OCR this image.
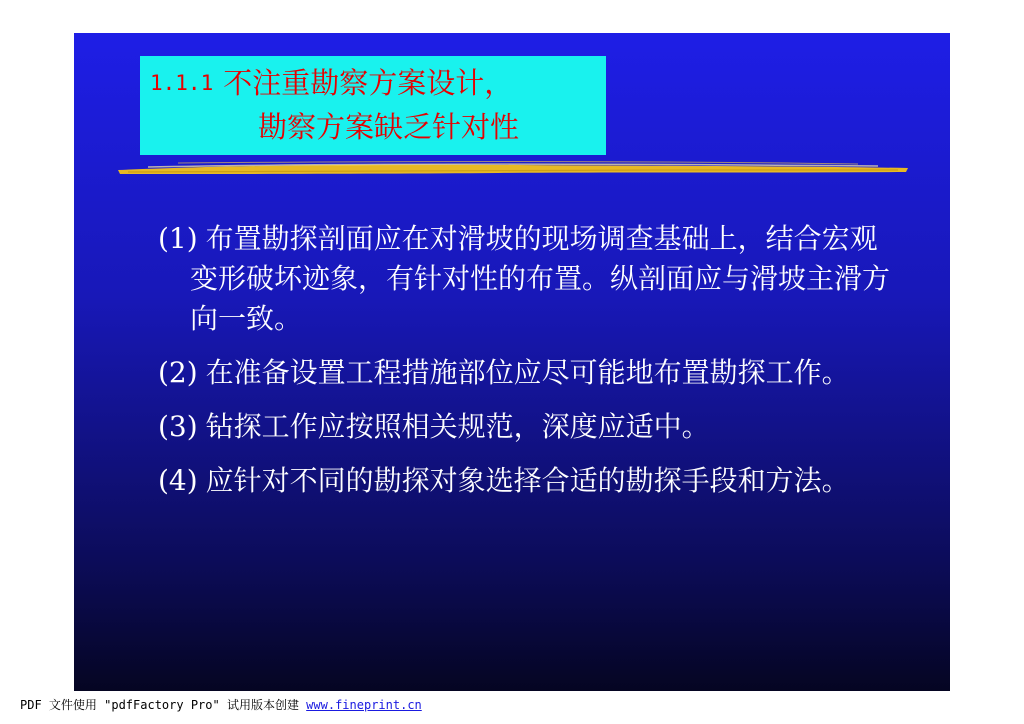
1.1.1 不注重勘察方案设计，
勘察方案缺乏针对性
(1) 布置勘探剖面应在对滑坡的现场调查基础上，结合宏观变形破坏迹象，有针对性的布置。纵剖面应与滑坡主滑方向一致。
(2) 在准备设置工程措施部位应尽可能地布置勘探工作。
(3) 钻探工作应按照相关规范，深度应适中。
(4) 应针对不同的勘探对象选择合适的勘探手段和方法。
PDF 文件使用 "pdfFactory Pro" 试用版本创建 www.fineprint.cn
